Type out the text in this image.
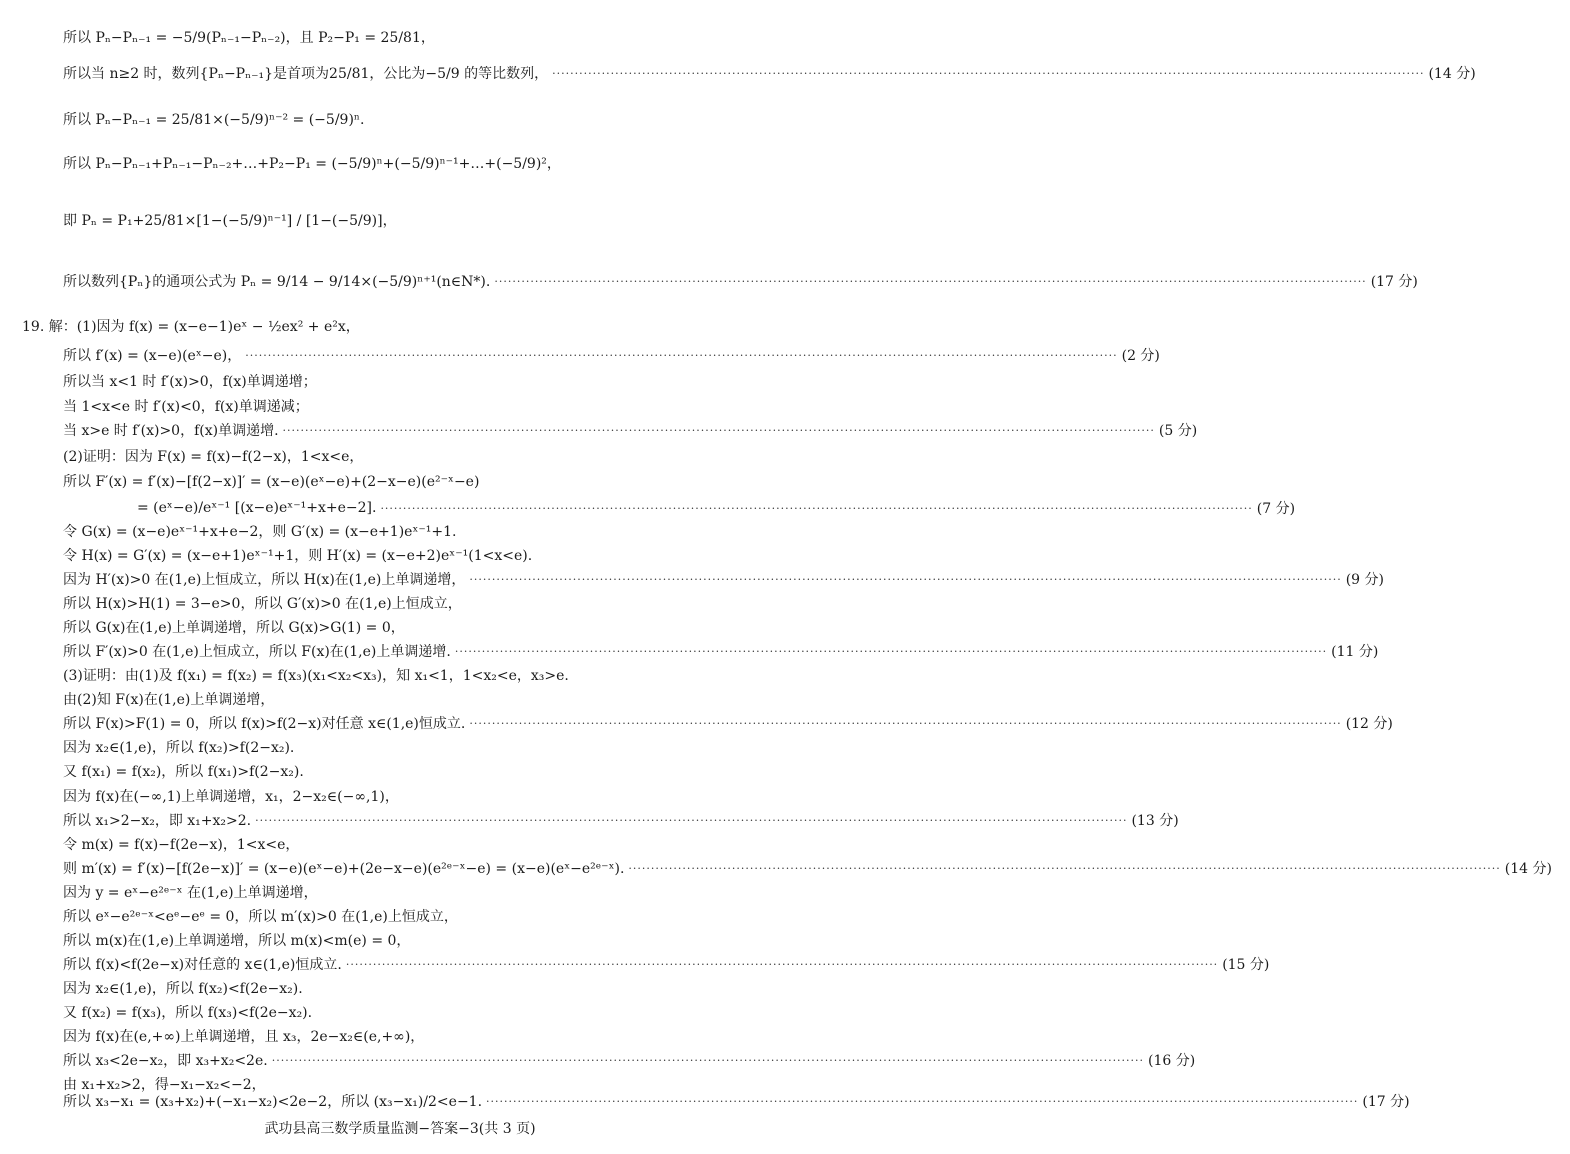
所以 Pₙ−Pₙ₋₁ = −5/9(Pₙ₋₁−Pₙ₋₂)，且 P₂−P₁ = 25/81，
所以当 n≥2 时，数列{Pₙ−Pₙ₋₁}是首项为25/81，公比为−5/9 的等比数列， ·····	(14 分)
所以 Pₙ−Pₙ₋₁ = 25/81×(−5/9)ⁿ⁻² = (−5/9)ⁿ.
所以 Pₙ−Pₙ₋₁+Pₙ₋₁−Pₙ₋₂+…+P₂−P₁ = (−5/9)ⁿ+(−5/9)ⁿ⁻¹+…+(−5/9)²，
即 Pₙ = P₁+25/81×[1−(−5/9)ⁿ⁻¹] / [1−(−5/9)]，
所以数列{Pₙ}的通项公式为 Pₙ = 9/14 − 9/14×(−5/9)ⁿ⁺¹(n∈N*). ·····	(17 分)
19. 解：(1)因为 f(x) = (x−e−1)eˣ − ½ex² + e²x，
所以 f′(x) = (x−e)(eˣ−e)， ·····	(2 分)
所以当 x<1 时 f′(x)>0，f(x)单调递增；
当 1<x<e 时 f′(x)<0，f(x)单调递减；
当 x>e 时 f′(x)>0，f(x)单调递增. ·····	(5 分)
(2)证明：因为 F(x) = f(x)−f(2−x)，1<x<e，
所以 F′(x) = f′(x)−[f(2−x)]′ = (x−e)(eˣ−e)+(2−x−e)(e²⁻ˣ−e)
= (eˣ−e)/eˣ⁻¹ [(x−e)eˣ⁻¹+x+e−2]. ·····	(7 分)
令 G(x) = (x−e)eˣ⁻¹+x+e−2，则 G′(x) = (x−e+1)eˣ⁻¹+1.
令 H(x) = G′(x) = (x−e+1)eˣ⁻¹+1，则 H′(x) = (x−e+2)eˣ⁻¹(1<x<e).
因为 H′(x)>0 在(1,e)上恒成立，所以 H(x)在(1,e)上单调递增， ·····	(9 分)
所以 H(x)>H(1) = 3−e>0，所以 G′(x)>0 在(1,e)上恒成立，
所以 G(x)在(1,e)上单调递增，所以 G(x)>G(1) = 0，
所以 F′(x)>0 在(1,e)上恒成立，所以 F(x)在(1,e)上单调递增. ·····	(11 分)
(3)证明：由(1)及 f(x₁) = f(x₂) = f(x₃)(x₁<x₂<x₃)，知 x₁<1，1<x₂<e，x₃>e.
由(2)知 F(x)在(1,e)上单调递增，
所以 F(x)>F(1) = 0，所以 f(x)>f(2−x)对任意 x∈(1,e)恒成立. ·····	(12 分)
因为 x₂∈(1,e)，所以 f(x₂)>f(2−x₂).
又 f(x₁) = f(x₂)，所以 f(x₁)>f(2−x₂).
因为 f(x)在(−∞,1)上单调递增，x₁，2−x₂∈(−∞,1)，
所以 x₁>2−x₂，即 x₁+x₂>2. ·····	(13 分)
令 m(x) = f(x)−f(2e−x)，1<x<e，
则 m′(x) = f′(x)−[f(2e−x)]′ = (x−e)(eˣ−e)+(2e−x−e)(e²ᵉ⁻ˣ−e) = (x−e)(eˣ−e²ᵉ⁻ˣ). ·····	(14 分)
因为 y = eˣ−e²ᵉ⁻ˣ 在(1,e)上单调递增，
所以 eˣ−e²ᵉ⁻ˣ<eᵉ−eᵉ = 0，所以 m′(x)>0 在(1,e)上恒成立，
所以 m(x)在(1,e)上单调递增，所以 m(x)<m(e) = 0，
所以 f(x)<f(2e−x)对任意的 x∈(1,e)恒成立. ·····	(15 分)
因为 x₂∈(1,e)，所以 f(x₂)<f(2e−x₂).
又 f(x₂) = f(x₃)，所以 f(x₃)<f(2e−x₂).
因为 f(x)在(e,+∞)上单调递增，且 x₃，2e−x₂∈(e,+∞)，
所以 x₃<2e−x₂，即 x₃+x₂<2e. ·····	(16 分)
由 x₁+x₂>2，得−x₁−x₂<−2，
所以 x₃−x₁ = (x₃+x₂)+(−x₁−x₂)<2e−2，所以 (x₃−x₁)/2<e−1. ·····	(17 分)
武功县高三数学质量监测−答案−3(共 3 页)
